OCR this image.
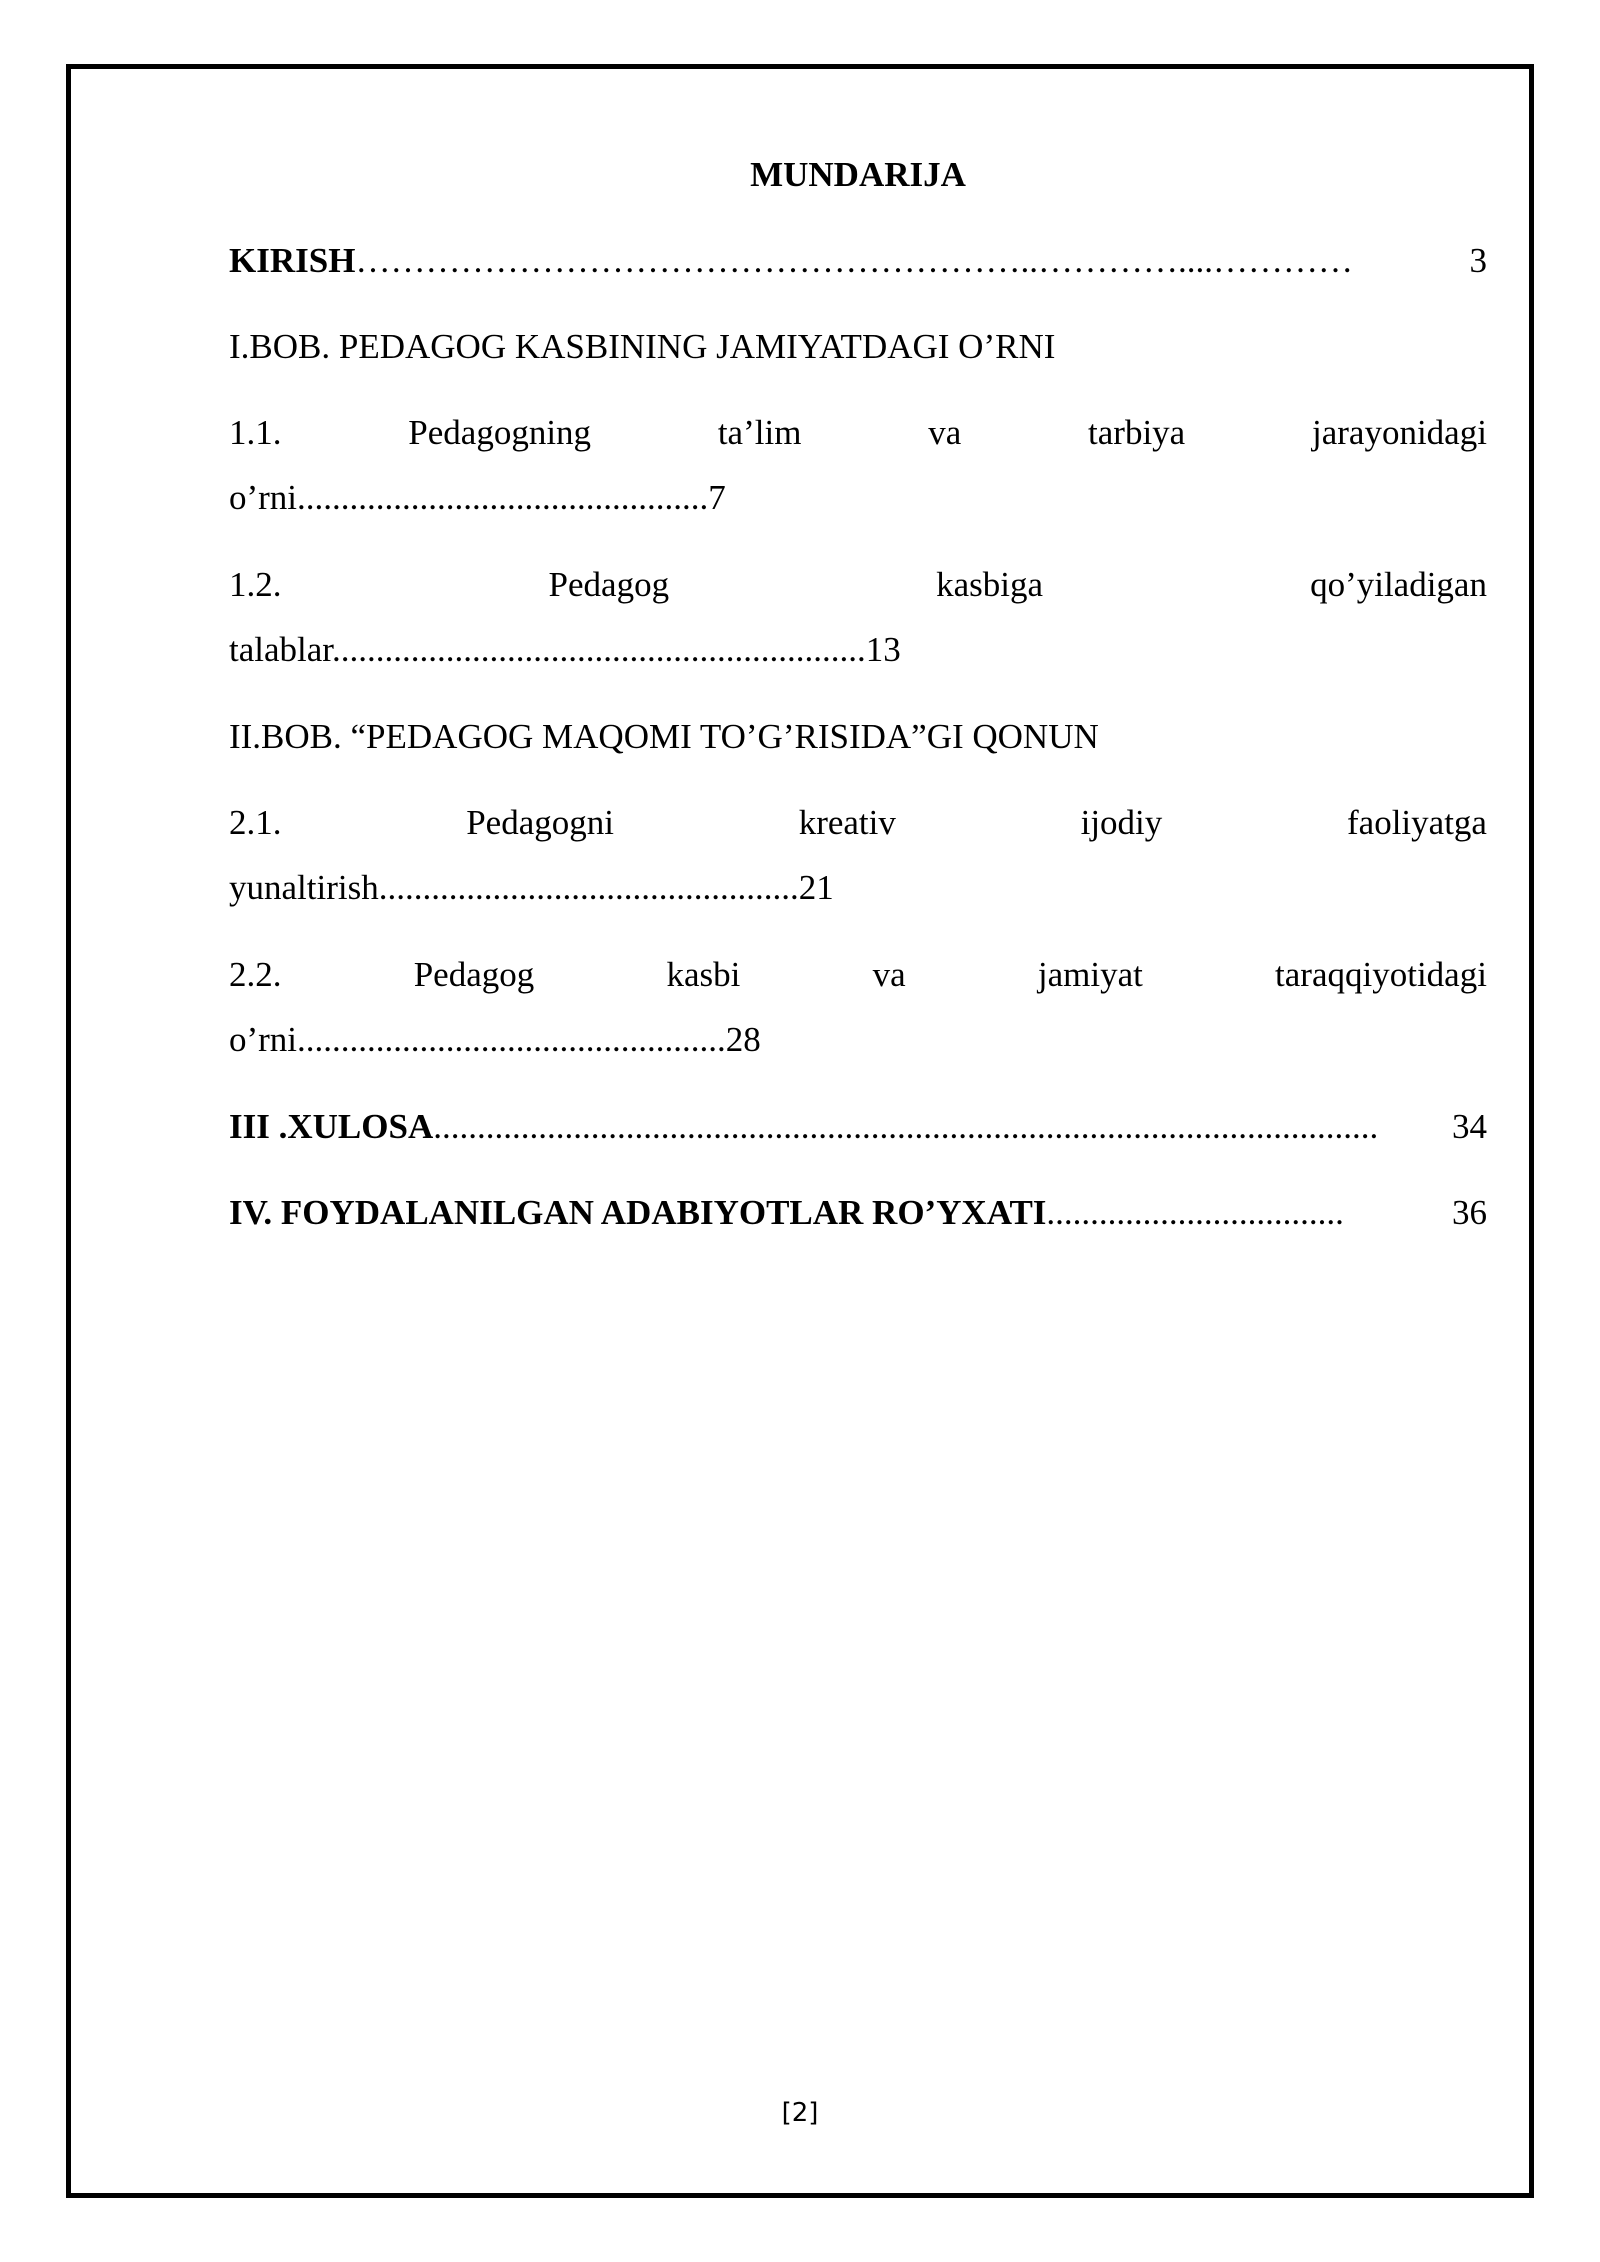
MUNDARIJA
KIRISH …………………………………………………..…………....…………	3
I.BOB. PEDAGOG KASBINING JAMIYATDAGI O’RNI
1.1.	Pedagogning	ta’lim	va	tarbiya	jarayonidagi
o’rni...............................................7
1.2.	Pedagog	kasbiga	qo’yiladigan
talablar.............................................................13
II.BOB. “PEDAGOG MAQOMI TO’G’RISIDA”GI QONUN
2.1.	Pedagogni	kreativ	ijodiy	faoliyatga
yunaltirish................................................21
2.2.	Pedagog	kasbi	va	jamiyat	taraqqiyotidagi
o’rni.................................................28
III .XULOSA ............................................................................................................	34
IV. FOYDALANILGAN ADABIYOTLAR RO’YXATI ..................................	36
[2]
